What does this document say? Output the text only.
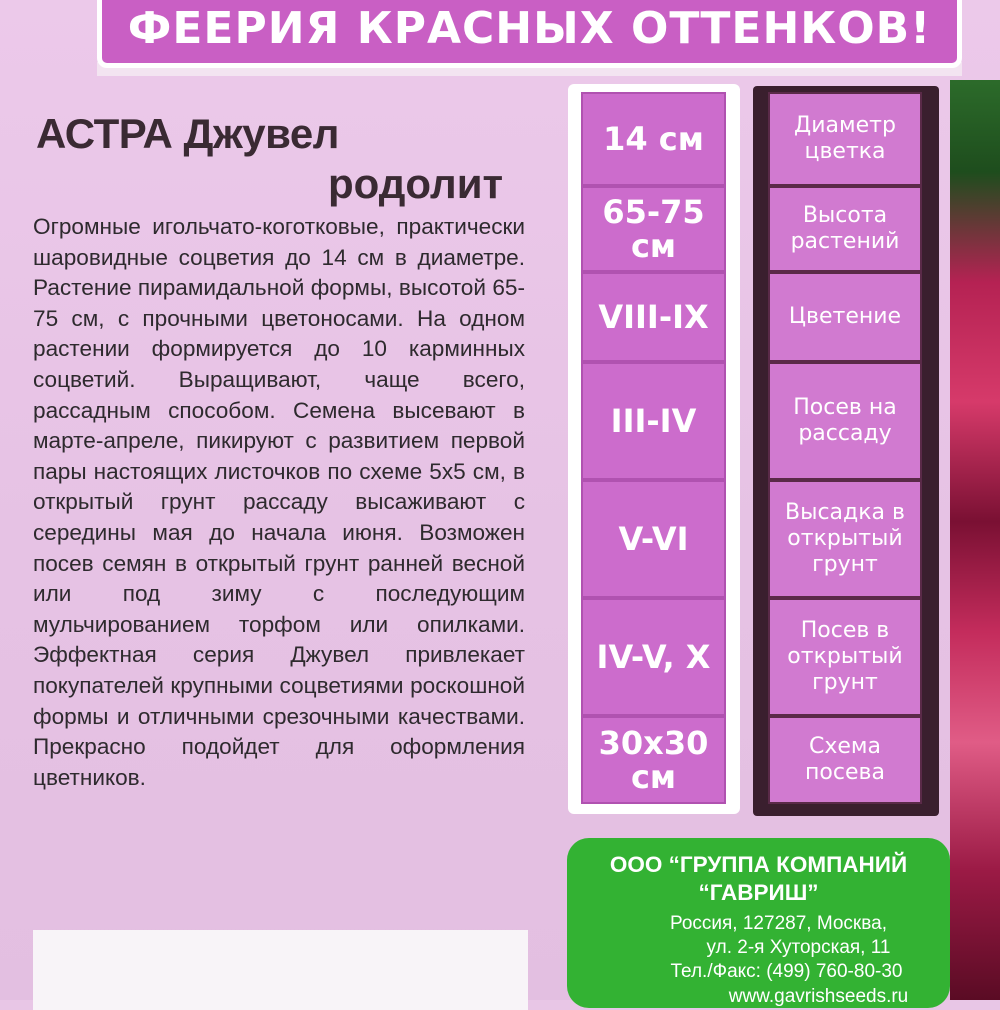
ФЕЕРИЯ КРАСНЫХ ОТТЕНКОВ!
АСТРА Джувел
родолит
Огромные игольчато-коготковые, практически шаровидные соцветия до 14 см в диаметре. Растение пирамидальной формы, высотой 65-75 см, с прочными цветоносами. На одном растении формируется до 10 карминных соцветий. Выращивают, чаще всего, рассадным способом. Семена высевают в марте-апреле, пикируют с развитием первой пары настоящих листочков по схеме 5х5 см, в открытый грунт рассаду высаживают с середины мая до начала июня. Возможен посев семян в открытый грунт ранней весной или под зиму с последующим мульчированием торфом или опилками. Эффектная серия Джувел привлекает покупателей крупными соцветиями роскошной формы и отличными срезочными качествами. Прекрасно подойдет для оформления цветников.
14 см
65-75 см
VIII-IX
III-IV
V-VI
IV-V, X
30х30 см
Диаметр цветка
Высота растений
Цветение
Посев на рассаду
Высадка в открытый грунт
Посев в открытый грунт
Схема посева
ООО “ГРУППА КОМПАНИЙ
“ГАВРИШ”
Россия, 127287, Москва,
ул. 2-я Хуторская, 11
Тел./Факс: (499) 760-80-30
www.gavrishseeds.ru
